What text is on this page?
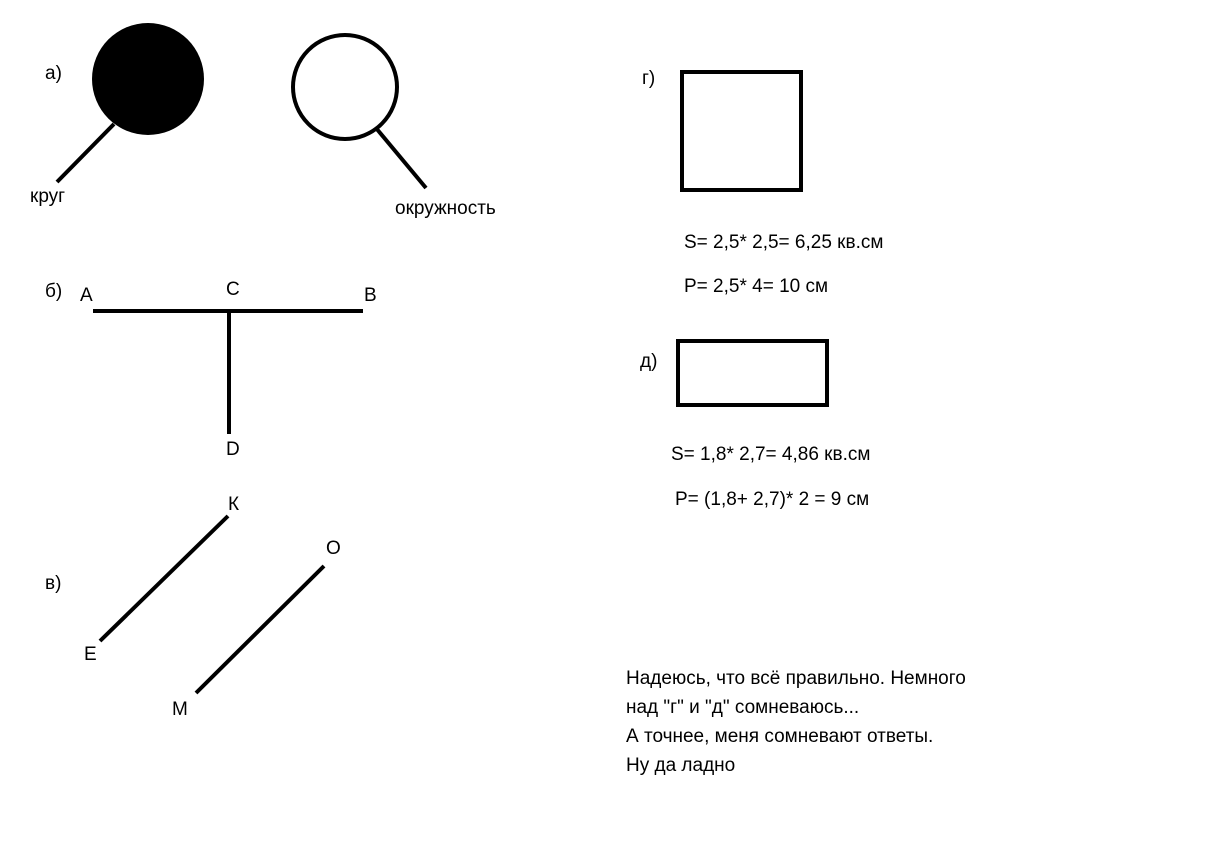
а)
б)
в)
г)
д)
круг
окружность
A	C	B
D
К
О
Е
М
S= 2,5* 2,5= 6,25 кв.см
P= 2,5* 4= 10 см
S= 1,8* 2,7= 4,86 кв.см
P= (1,8+ 2,7)* 2 = 9 см
Надеюсь, что всё правильно. Немного
над "г" и "д" сомневаюсь...
А точнее, меня сомневают ответы.
Ну да ладно
